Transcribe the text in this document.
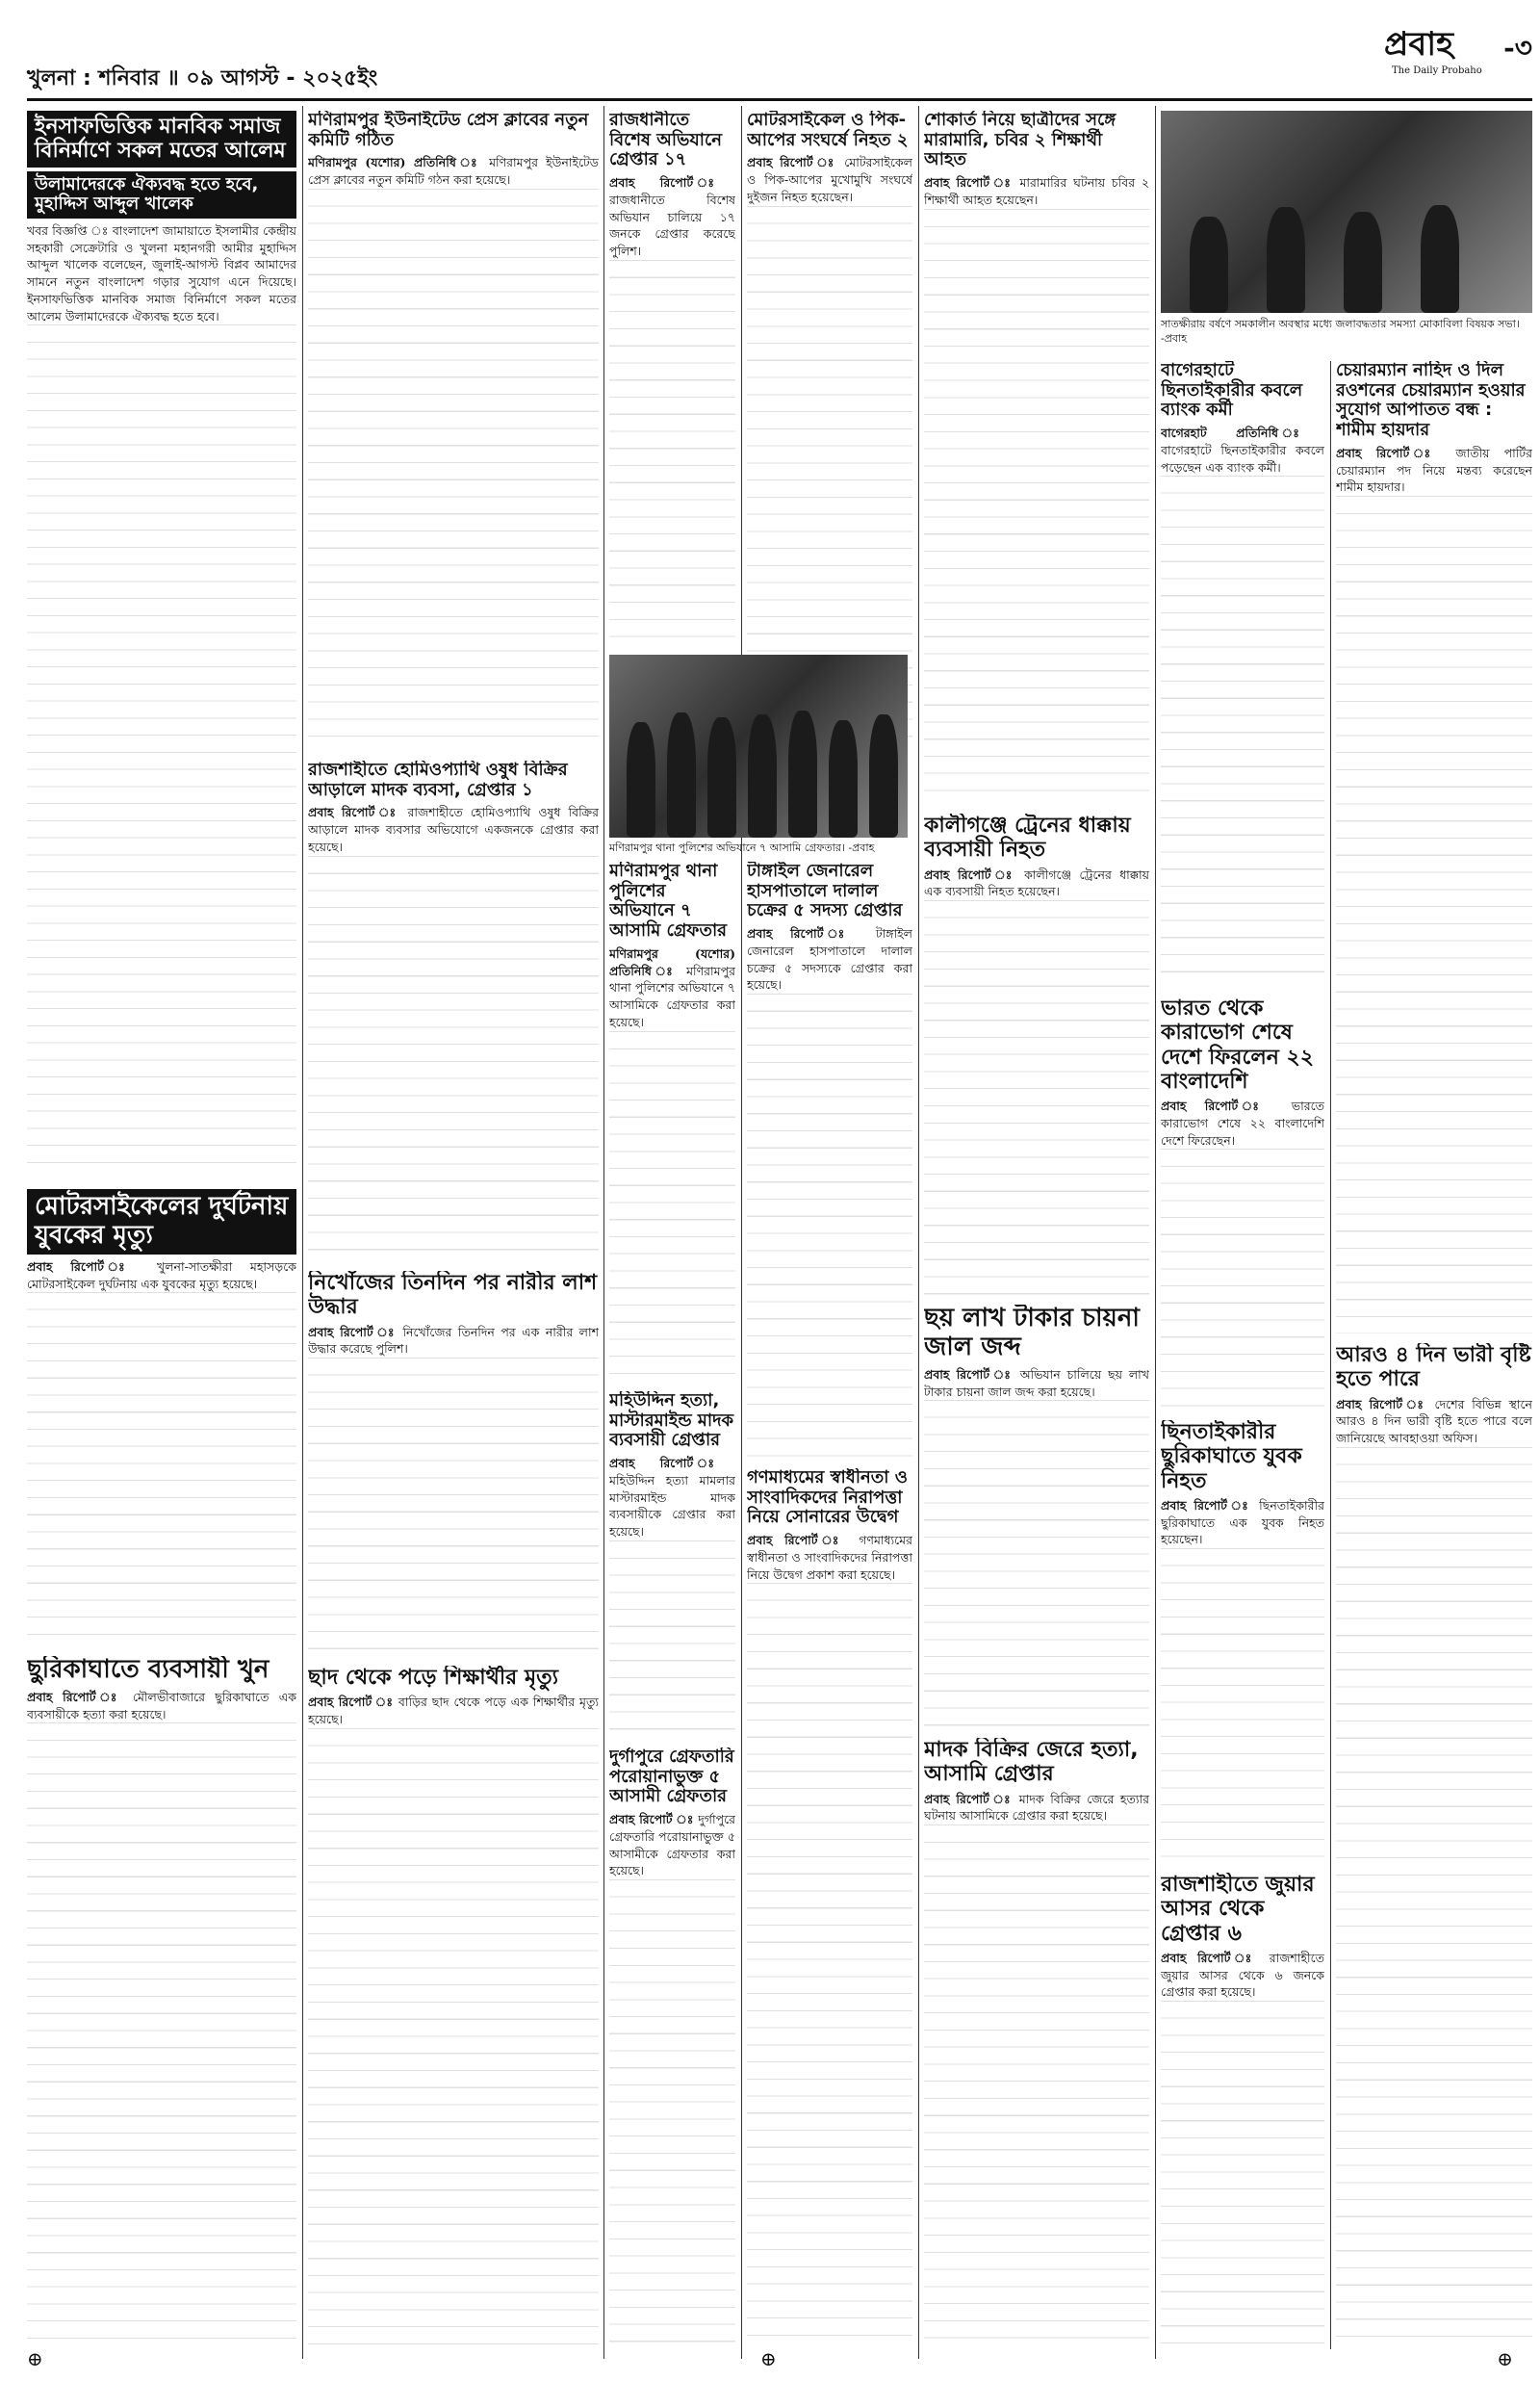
খুলনা : শনিবার ॥ ০৯ আগস্ট - ২০২৫ইং
প্রবাহ -৩
The Daily Probaho
ইনসাফভিত্তিক মানবিক সমাজ বিনির্মাণে সকল মতের আলেম
উলামাদেরকে ঐক্যবদ্ধ হতে হবে, মুহাদ্দিস আব্দুল খালেক

খবর বিজ্ঞপ্তি ঃ বাংলাদেশ জামায়াতে ইসলামীর কেন্দ্রীয় সহকারী সেক্রেটারি ও খুলনা মহানগরী আমীর মুহাদ্দিস আব্দুল খালেক বলেছেন, জুলাই-আগস্ট বিপ্লব আমাদের সামনে নতুন বাংলাদেশ গড়ার সুযোগ এনে দিয়েছে। ইনসাফভিত্তিক মানবিক সমাজ বিনির্মাণে সকল মতের আলেম উলামাদেরকে ঐক্যবদ্ধ হতে হবে।

মোটরসাইকেলের দুর্ঘটনায় যুবকের মৃত্যু

প্রবাহ রিপোর্ট ঃ খুলনা-সাতক্ষীরা মহাসড়কে মোটরসাইকেল দুর্ঘটনায় এক যুবকের মৃত্যু হয়েছে।

ছুরিকাঘাতে ব্যবসায়ী খুন

প্রবাহ রিপোর্ট ঃ মৌলভীবাজারে ছুরিকাঘাতে এক ব্যবসায়ীকে হত্যা করা হয়েছে।

মণিরামপুর ইউনাইটেড প্রেস ক্লাবের নতুন কমিটি গঠিত

মণিরামপুর (যশোর) প্রতিনিধি ঃ মণিরামপুর ইউনাইটেড প্রেস ক্লাবের নতুন কমিটি গঠন করা হয়েছে।

রাজশাহীতে হোমিওপ্যাথি ওষুধ বিক্রির আড়ালে মাদক ব্যবসা, গ্রেপ্তার ১

প্রবাহ রিপোর্ট ঃ রাজশাহীতে হোমিওপ্যাথি ওষুধ বিক্রির আড়ালে মাদক ব্যবসার অভিযোগে একজনকে গ্রেপ্তার করা হয়েছে।

নিখোঁজের তিনদিন পর নারীর লাশ উদ্ধার

প্রবাহ রিপোর্ট ঃ নিখোঁজের তিনদিন পর এক নারীর লাশ উদ্ধার করেছে পুলিশ।

ছাদ থেকে পড়ে শিক্ষার্থীর মৃত্যু

প্রবাহ রিপোর্ট ঃ বাড়ির ছাদ থেকে পড়ে এক শিক্ষার্থীর মৃত্যু হয়েছে।

রাজধানীতে বিশেষ অভিযানে গ্রেপ্তার ১৭

প্রবাহ রিপোর্ট ঃ রাজধানীতে বিশেষ অভিযান চালিয়ে ১৭ জনকে গ্রেপ্তার করেছে পুলিশ।

মোটরসাইকেল ও পিক-আপের সংঘর্ষে নিহত ২

প্রবাহ রিপোর্ট ঃ মোটরসাইকেল ও পিক-আপের মুখোমুখি সংঘর্ষে দুইজন নিহত হয়েছেন।

মণিরামপুর থানা পুলিশের অভিযানে ৭ আসামি গ্রেফতার। -প্রবাহ
মণিরামপুর থানা পুলিশের অভিযানে ৭ আসামি গ্রেফতার

মণিরামপুর (যশোর) প্রতিনিধি ঃ মণিরামপুর থানা পুলিশের অভিযানে ৭ আসামিকে গ্রেফতার করা হয়েছে।

মহিউদ্দিন হত্যা, মাস্টারমাইন্ড মাদক ব্যবসায়ী গ্রেপ্তার

প্রবাহ রিপোর্ট ঃ মহিউদ্দিন হত্যা মামলার মাস্টারমাইন্ড মাদক ব্যবসায়ীকে গ্রেপ্তার করা হয়েছে।

দুর্গাপুরে গ্রেফতারি পরোয়ানাভুক্ত ৫ আসামী গ্রেফতার

প্রবাহ রিপোর্ট ঃ দুর্গাপুরে গ্রেফতারি পরোয়ানাভুক্ত ৫ আসামীকে গ্রেফতার করা হয়েছে।

টাঙ্গাইল জেনারেল হাসপাতালে দালাল চক্রের ৫ সদস্য গ্রেপ্তার

প্রবাহ রিপোর্ট ঃ টাঙ্গাইল জেনারেল হাসপাতালে দালাল চক্রের ৫ সদস্যকে গ্রেপ্তার করা হয়েছে।

গণমাধ্যমের স্বাধীনতা ও সাংবাদিকদের নিরাপত্তা নিয়ে সোনারের উদ্বেগ

প্রবাহ রিপোর্ট ঃ গণমাধ্যমের স্বাধীনতা ও সাংবাদিকদের নিরাপত্তা নিয়ে উদ্বেগ প্রকাশ করা হয়েছে।

শোকার্ত নিয়ে ছাত্রীদের সঙ্গে মারামারি, চবির ২ শিক্ষার্থী আহত

প্রবাহ রিপোর্ট ঃ মারামারির ঘটনায় চবির ২ শিক্ষার্থী আহত হয়েছেন।

কালীগঞ্জে ট্রেনের ধাক্কায় ব্যবসায়ী নিহত

প্রবাহ রিপোর্ট ঃ কালীগঞ্জে ট্রেনের ধাক্কায় এক ব্যবসায়ী নিহত হয়েছেন।

ছয় লাখ টাকার চায়না জাল জব্দ

প্রবাহ রিপোর্ট ঃ অভিযান চালিয়ে ছয় লাখ টাকার চায়না জাল জব্দ করা হয়েছে।

মাদক বিক্রির জেরে হত্যা, আসামি গ্রেপ্তার

প্রবাহ রিপোর্ট ঃ মাদক বিক্রির জেরে হত্যার ঘটনায় আসামিকে গ্রেপ্তার করা হয়েছে।

সাতক্ষীরায় বর্ষণে সমকালীন অবস্থার মধ্যে জলাবদ্ধতার সমস্যা মোকাবিলা বিষয়ক সভা। -প্রবাহ
বাগেরহাটে ছিনতাইকারীর কবলে ব্যাংক কর্মী

বাগেরহাট প্রতিনিধি ঃ বাগেরহাটে ছিনতাইকারীর কবলে পড়েছেন এক ব্যাংক কর্মী।

চেয়ারম্যান নাহিদ ও দিল রওশনের চেয়ারম্যান হওয়ার সুযোগ আপাতত বন্ধ : শামীম হায়দার

প্রবাহ রিপোর্ট ঃ জাতীয় পার্টির চেয়ারম্যান পদ নিয়ে মন্তব্য করেছেন শামীম হায়দার।

ভারত থেকে কারাভোগ শেষে দেশে ফিরলেন ২২ বাংলাদেশি

প্রবাহ রিপোর্ট ঃ ভারতে কারাভোগ শেষে ২২ বাংলাদেশি দেশে ফিরেছেন।

ছিনতাইকারীর ছুরিকাঘাতে যুবক নিহত

প্রবাহ রিপোর্ট ঃ ছিনতাইকারীর ছুরিকাঘাতে এক যুবক নিহত হয়েছেন।

রাজশাহীতে জুয়ার আসর থেকে গ্রেপ্তার ৬

প্রবাহ রিপোর্ট ঃ রাজশাহীতে জুয়ার আসর থেকে ৬ জনকে গ্রেপ্তার করা হয়েছে।

আরও ৪ দিন ভারী বৃষ্টি হতে পারে

প্রবাহ রিপোর্ট ঃ দেশের বিভিন্ন স্থানে আরও ৪ দিন ভারী বৃষ্টি হতে পারে বলে জানিয়েছে আবহাওয়া অফিস।

⊕	⊕
⊕
